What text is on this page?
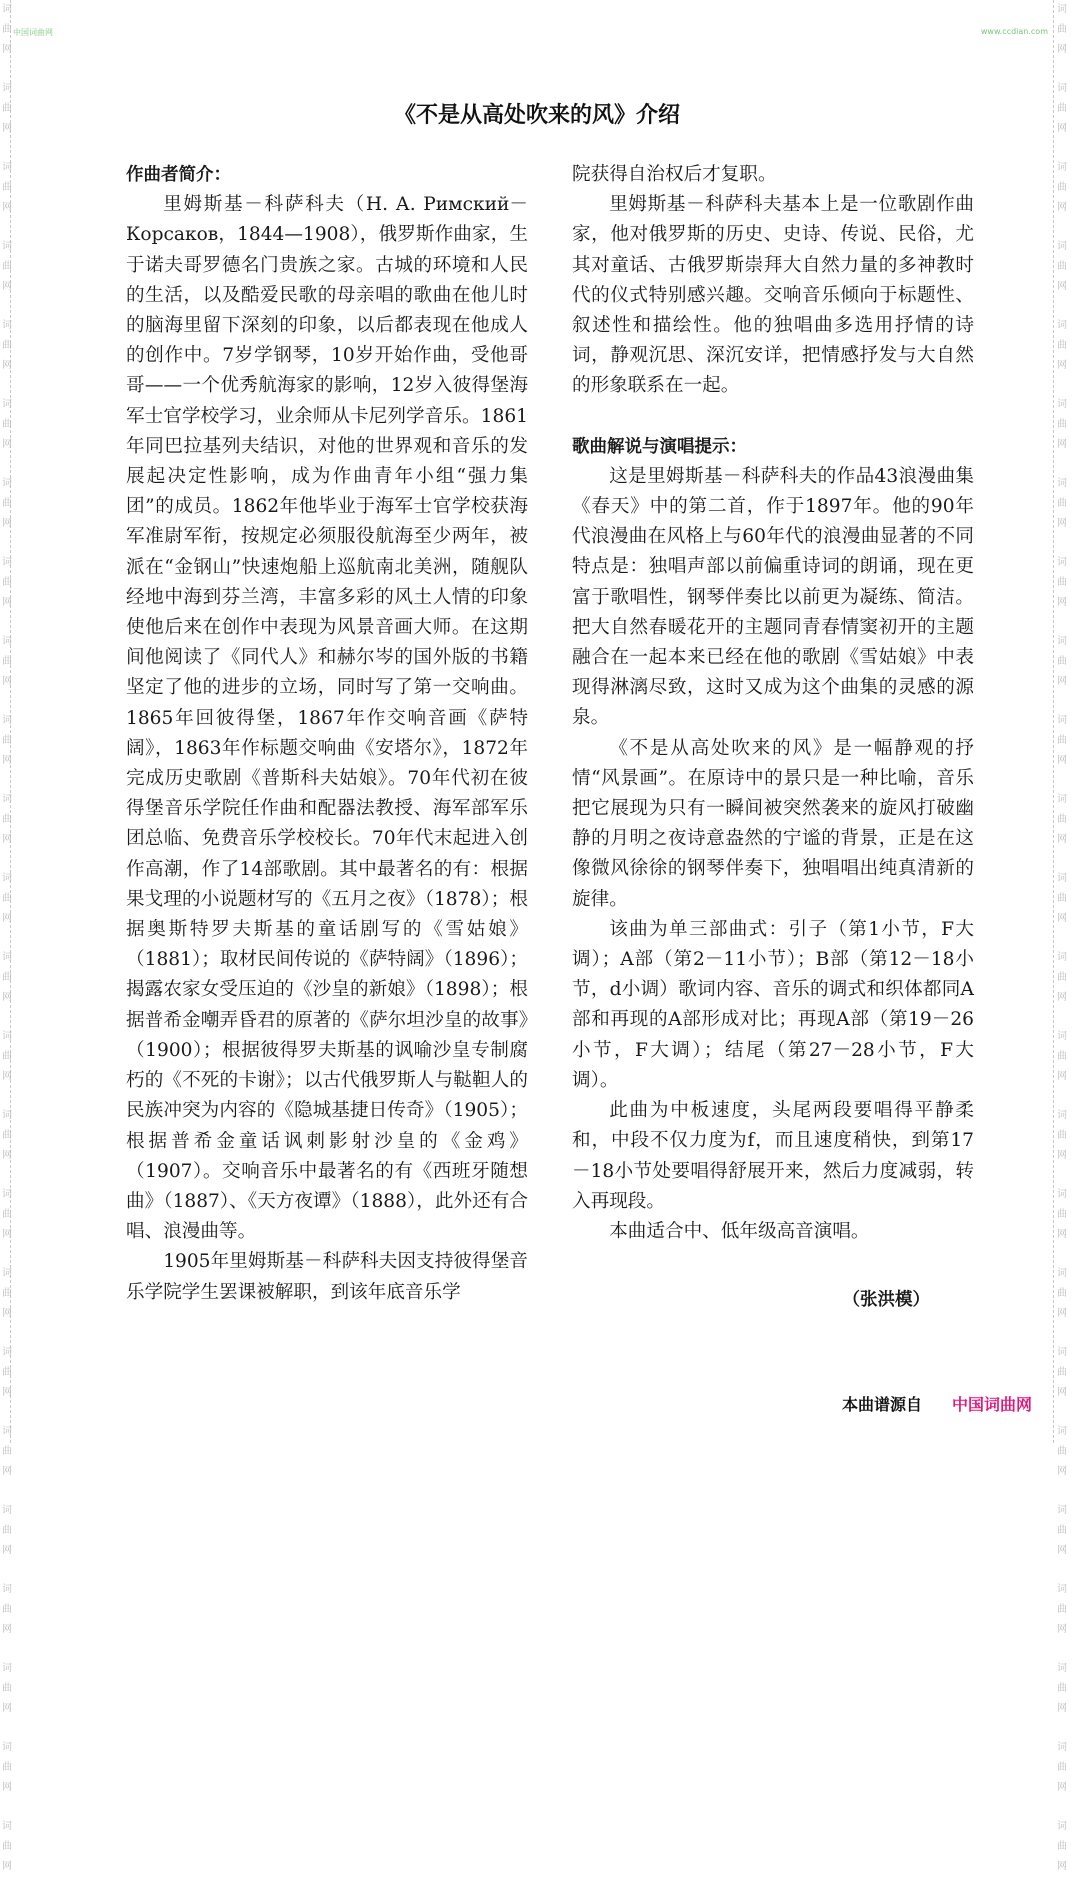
词
曲
网
词
曲
网
词
曲
网
词
曲
网
词
曲
网
词
曲
网
词
曲
网
词
曲
网
词
曲
网
词
曲
网
词
曲
网
词
曲
网
词
曲
网
词
曲
网
词
曲
网
词
曲
网
词
曲
网
词
曲
网
词
曲
网
词
曲
网
词
曲
网
词
曲
网
词
曲
网
词
曲
网
词
曲
网
词
曲
网
词
曲
网
词
曲
网
词
曲
网
词
曲
网
词
曲
网
词
曲
网
词
曲
网
词
曲
网
词
曲
网
词
曲
网
词
曲
网
词
曲
网
词
曲
网
词
曲
网
词
曲
网
词
曲
网
词
曲
网
词
曲
网
词
曲
网
词
曲
网
词
曲
网
词
曲
网
中国词曲网	www.ccdian.com
《不是从高处吹来的风》介绍
作曲者简介：

里姆斯基－科萨科夫（Н. А. Римский－Корсаков，1844—1908），俄罗斯作曲家，生于诺夫哥罗德名门贵族之家。古城的环境和人民的生活，以及酷爱民歌的母亲唱的歌曲在他儿时的脑海里留下深刻的印象，以后都表现在他成人的创作中。7岁学钢琴，10岁开始作曲，受他哥哥——一个优秀航海家的影响，12岁入彼得堡海军士官学校学习，业余师从卡尼列学音乐。1861年同巴拉基列夫结识，对他的世界观和音乐的发展起决定性影响，成为作曲青年小组“强力集团”的成员。1862年他毕业于海军士官学校获海军准尉军衔，按规定必须服役航海至少两年，被派在“金钢山”快速炮船上巡航南北美洲，随舰队经地中海到芬兰湾，丰富多彩的风土人情的印象使他后来在创作中表现为风景音画大师。在这期间他阅读了《同代人》和赫尔岑的国外版的书籍坚定了他的进步的立场，同时写了第一交响曲。1865年回彼得堡，1867年作交响音画《萨特阔》，1863年作标题交响曲《安塔尔》，1872年完成历史歌剧《普斯科夫姑娘》。70年代初在彼得堡音乐学院任作曲和配器法教授、海军部军乐团总临、免费音乐学校校长。70年代末起进入创作高潮，作了14部歌剧。其中最著名的有：根据果戈理的小说题材写的《五月之夜》（1878）；根据奥斯特罗夫斯基的童话剧写的《雪姑娘》（1881）；取材民间传说的《萨特阔》（1896）；揭露农家女受压迫的《沙皇的新娘》（1898）；根据普希金嘲弄昏君的原著的《萨尔坦沙皇的故事》（1900）；根据彼得罗夫斯基的讽喻沙皇专制腐朽的《不死的卡谢》；以古代俄罗斯人与鞑靼人的民族冲突为内容的《隐城基捷日传奇》（1905）；根据普希金童话讽刺影射沙皇的《金鸡》（1907）。交响音乐中最著名的有《西班牙随想曲》（1887）、《天方夜谭》（1888），此外还有合唱、浪漫曲等。

1905年里姆斯基－科萨科夫因支持彼得堡音乐学院学生罢课被解职，到该年底音乐学

院获得自治权后才复职。

里姆斯基－科萨科夫基本上是一位歌剧作曲家，他对俄罗斯的历史、史诗、传说、民俗，尤其对童话、古俄罗斯崇拜大自然力量的多神教时代的仪式特别感兴趣。交响音乐倾向于标题性、叙述性和描绘性。他的独唱曲多选用抒情的诗词，静观沉思、深沉安详，把情感抒发与大自然的形象联系在一起。

歌曲解说与演唱提示：

这是里姆斯基－科萨科夫的作品43浪漫曲集《春天》中的第二首，作于1897年。他的90年代浪漫曲在风格上与60年代的浪漫曲显著的不同特点是：独唱声部以前偏重诗词的朗诵，现在更富于歌唱性，钢琴伴奏比以前更为凝练、简洁。把大自然春暖花开的主题同青春情窦初开的主题融合在一起本来已经在他的歌剧《雪姑娘》中表现得淋漓尽致，这时又成为这个曲集的灵感的源泉。

《不是从高处吹来的风》是一幅静观的抒情“风景画”。在原诗中的景只是一种比喻，音乐把它展现为只有一瞬间被突然袭来的旋风打破幽静的月明之夜诗意盎然的宁谧的背景，正是在这像微风徐徐的钢琴伴奏下，独唱唱出纯真清新的旋律。

该曲为单三部曲式：引子（第1小节，F大调）；A部（第2－11小节）；B部（第12－18小节，d小调）歌词内容、音乐的调式和织体都同A部和再现的A部形成对比；再现A部（第19－26小节，F大调）；结尾（第27－28小节，F大调）。

此曲为中板速度，头尾两段要唱得平静柔和，中段不仅力度为f，而且速度稍快，到第17－18小节处要唱得舒展开来，然后力度减弱，转入再现段。

本曲适合中、低年级高音演唱。

（张洪模）
本曲谱源自 中国词曲网
